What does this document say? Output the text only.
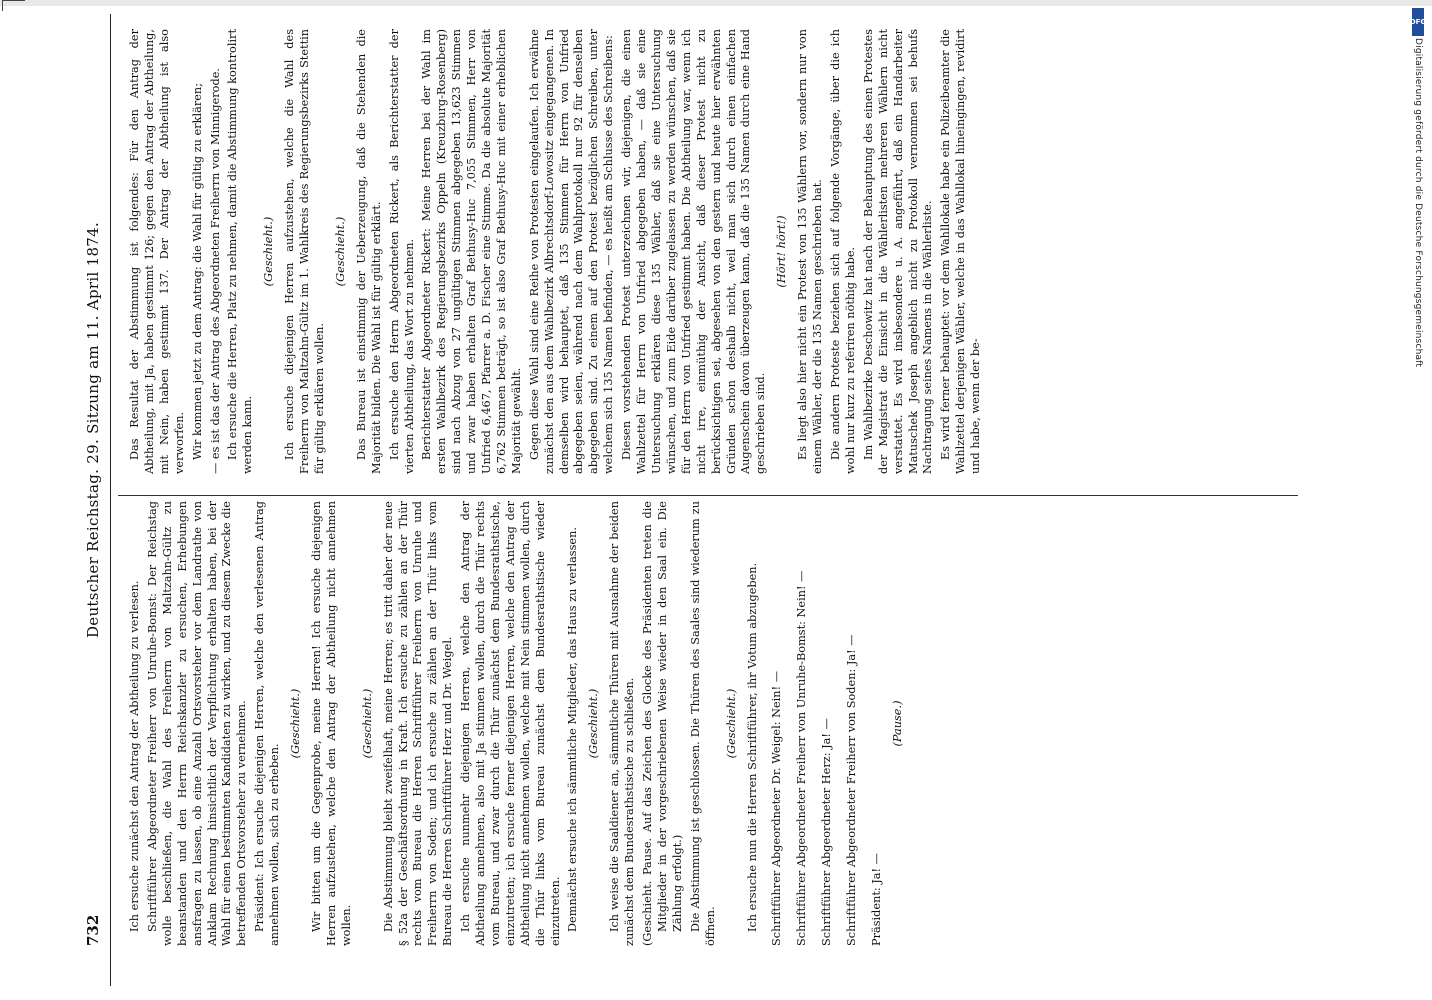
732
Deutscher Reichstag. 29. Sitzung am 11. April 1874.

Ich ersuche zunächst den Antrag der Abtheilung zu verlesen. Schriftführer Abgeordneter Freiherr von Unruhe-Bomst: Der Reichstag wolle beschließen, die Wahl des Freiherrn von Maltzahn-Gültz zu beanstanden und den Herrn Reichskanzler zu ersuchen, Erhebungen ansfragen zu lassen, ob eine Anzahl Ortsvorsteher vor dem Landrathe von Anklam Rechnung hinsichtlich der Verpflichtung erhalten haben, bei der Wahl für einen bestimmten Kandidaten zu wirken, und zu diesem Zwecke die betreffenden Ortsvorsteher zu vernehmen. Präsident: Ich ersuche diejenigen Herren, welche den verlesenen Antrag annehmen wollen, sich zu erheben.

(Geschieht.) Wir bitten um die Gegenprobe, meine Herren! Ich ersuche diejenigen Herren aufzustehen, welche den Antrag der Abtheilung nicht annehmen wollen.

(Geschieht.) Die Abstimmung bleibt zweifelhaft, meine Herren; es tritt daher der neue § 52a der Geschäftsordnung in Kraft. Ich ersuche zu zählen an der Thür rechts vom Bureau die Herren Schriftführer Freiherrn von Unruhe und Freiherrn von Soden; und ich ersuche zu zählen an der Thür links vom Bureau die Herren Schriftführer Herz und Dr. Weigel. Ich ersuche nunmehr diejenigen Herren, welche den Antrag der Abtheilung annehmen, also mit Ja stimmen wollen, durch die Thür rechts vom Bureau, und zwar durch die Thür zunächst dem Bundesrathstische, einzutreten; ich ersuche ferner diejenigen Herren, welche den Antrag der Abtheilung nicht annehmen wollen, welche mit Nein stimmen wollen, durch die Thür links vom Bureau zunächst dem Bundesrathstische wieder einzutreten. Demnächst ersuche ich sämmtliche Mitglieder, das Haus zu verlassen. (Geschieht.) Ich weise die Saaldiener an, sämmtliche Thüren mit Ausnahme der beiden zunächst dem Bundesrathstische zu schließen. (Geschieht. Pause. Auf das Zeichen des Glocke des Präsidenten treten die Mitglieder in der vorgeschriebenen Weise wieder in den Saal ein. Die Zählung erfolgt.) Die Abstimmung ist geschlossen. Die Thüren des Saales sind wiederum zu öffnen.

(Geschieht.) Ich ersuche nun die Herren Schriftführer, ihr Votum abzugeben. Schriftführer Abgeordneter Dr. Weigel: Nein! — Schriftführer Abgeordneter Freiherr von Unruhe-Bomst: Nein! — Schriftführer Abgeordneter Herz: Ja! — Schriftführer Abgeordneter Freiherr von Soden: Ja! — Präsident: Ja! —

(Pause.)

Das Resultat der Abstimmung ist folgendes: Für den Antrag der Abtheilung, mit Ja, haben gestimmt 126; gegen den Antrag der Abtheilung, mit Nein, haben gestimmt 137. Der Antrag der Abtheilung ist also verworfen. Wir kommen jetzt zu dem Antrag: die Wahl für gültig zu erklären; — es ist das der Antrag des Abgeordneten Freiherrn von Minnigerode. Ich ersuche die Herren, Platz zu nehmen, damit die Abstimmung kontrolirt werden kann.

(Geschieht.) Ich ersuche diejenigen Herren aufzustehen, welche die Wahl des Freiherrn von Maltzahn-Gültz im 1. Wahlkreis des Regierungsbezirks Stettin für gültig erklären wollen.

(Geschieht.) Das Bureau ist einstimmig der Ueberzeugung, daß die Stehenden die Majorität bilden. Die Wahl ist für gültig erklärt. Ich ersuche den Herrn Abgeordneten Rickert, als Berichterstatter der vierten Abtheilung, das Wort zu nehmen. Berichterstatter Abgeordneter Rickert: Meine Herren bei der Wahl im ersten Wahlbezirk des Regierungsbezirks Oppeln (Kreuzburg-Rosenberg) sind nach Abzug von 27 ungültigen Stimmen abgegeben 13,623 Stimmen und zwar haben erhalten Graf Bethusy-Huc 7,055 Stimmen, Herr von Unfried 6,467, Pfarrer a. D. Fischer eine Stimme. Da die absolute Majorität 6,762 Stimmen beträgt, so ist also Graf Bethusy-Huc mit einer erheblichen Majorität gewählt. Gegen diese Wahl sind eine Reihe von Protesten eingelaufen. Ich erwähne zunächst den aus dem Wahlbezirk Albrechtsdorf-Lowositz eingegangenen. In demselben wird behauptet, daß 135 Stimmen für Herrn von Unfried abgegeben seien, während nach dem Wahlprotokoll nur 92 für denselben abgegeben sind. Zu einem auf den Protest bezüglichen Schreiben, unter welchem sich 135 Namen befinden, — es heißt am Schlusse des Schreibens: Diesen vorstehenden Protest unterzeichnen wir, diejenigen, die einen Wahlzettel für Herrn von Unfried abgegeben haben, — daß sie eine Untersuchung erklären diese 135 Wähler, daß sie eine Untersuchung wünschen, und zum Eide darüber zugelassen zu werden wünschen, daß sie für den Herrn von Unfried gestimmt haben. Die Abtheilung war, wenn ich nicht irre, einmüthig der Ansicht, daß dieser Protest nicht zu berücksichtigen sei, abgesehen von den gestern und heute hier erwähnten Gründen schon deshalb nicht, weil man sich durch einen einfachen Augenschein davon überzeugen kann, daß die 135 Namen durch eine Hand geschrieben sind.

(Hört! hört!) Es liegt also hier nicht ein Protest von 135 Wählern vor, sondern nur von einem Wähler, der die 135 Namen geschrieben hat. Die andern Proteste beziehen sich auf folgende Vorgänge, über die ich wohl nur kurz zu referiren nöthig habe. Im Wahlbezirke Deschowitz hat nach der Behauptung des einen Protestes der Magistrat die Einsicht in die Wählerlisten mehreren Wählern nicht verstattet. Es wird insbesondere u. A. angeführt, daß ein Handarbeiter Matuschek Joseph angeblich nicht zu Protokoll vernommen sei behufs Nachtragung seines Namens in die Wählerliste. Es wird ferner behauptet: vor dem Wahllokale habe ein Polizeibeamter die Wahlzettel derjenigen Wähler, welche in das Wahllokal hineingingen, revidirt und habe, wenn der be-

DFG
Digitalisierung gefördert durch die Deutsche Forschungsgemeinschaft
